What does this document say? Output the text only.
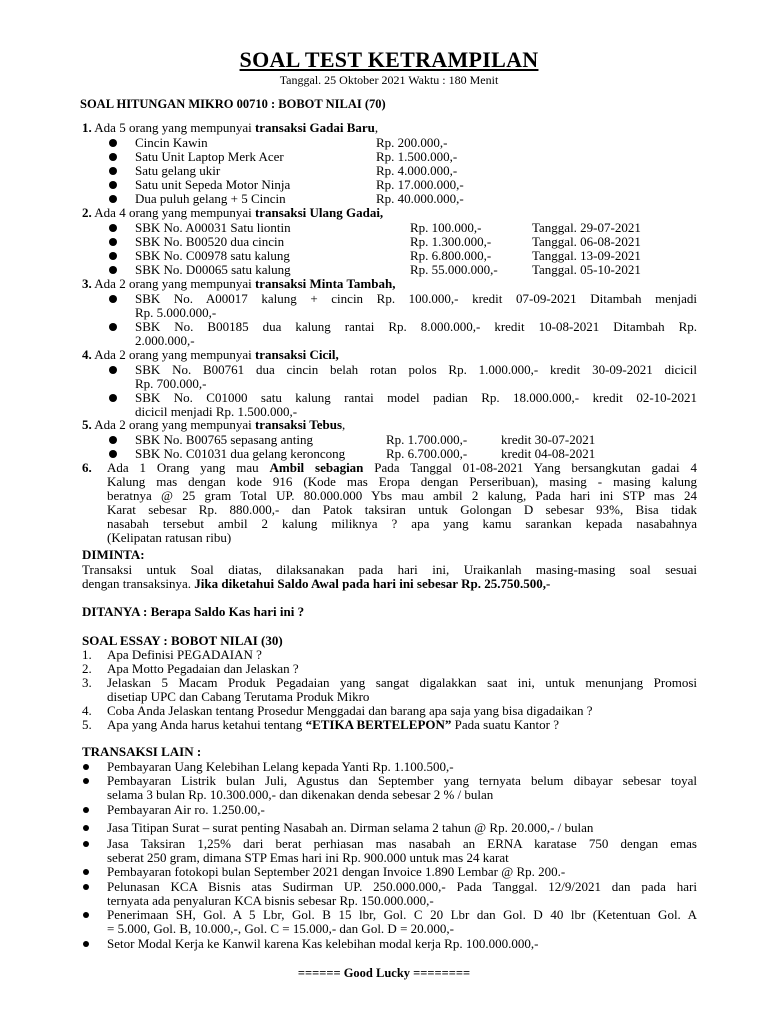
SOAL TEST KETRAMPILAN
Tanggal. 25 Oktober 2021 Waktu : 180 Menit
SOAL HITUNGAN MIKRO 00710 : BOBOT NILAI (70)
1. Ada 5 orang yang mempunyai transaksi Gadai Baru,
Cincin Kawin	Rp. 200.000,-
Satu Unit Laptop Merk Acer	Rp. 1.500.000,-
Satu gelang ukir	Rp. 4.000.000,-
Satu unit Sepeda Motor Ninja	Rp. 17.000.000,-
Dua puluh gelang + 5 Cincin	Rp. 40.000.000,-
2. Ada 4 orang yang mempunyai transaksi Ulang Gadai,
SBK No. A00031 Satu liontin	Rp. 100.000,-	Tanggal. 29-07-2021
SBK No. B00520 dua cincin	Rp. 1.300.000,-	Tanggal. 06-08-2021
SBK No. C00978 satu kalung	Rp. 6.800.000,-	Tanggal. 13-09-2021
SBK No. D00065 satu kalung	Rp. 55.000.000,-	Tanggal. 05-10-2021
3. Ada 2 orang yang mempunyai transaksi Minta Tambah,
SBK No. A00017 kalung + cincin Rp. 100.000,- kredit 07-09-2021 Ditambah menjadi
Rp. 5.000.000,-
SBK No. B00185 dua kalung rantai Rp. 8.000.000,- kredit 10-08-2021 Ditambah Rp.
2.000.000,-
4. Ada 2 orang yang mempunyai transaksi Cicil,
SBK No. B00761 dua cincin belah rotan polos Rp. 1.000.000,- kredit 30-09-2021 dicicil
Rp. 700.000,-
SBK No. C01000 satu kalung rantai model padian Rp. 18.000.000,- kredit 02-10-2021
dicicil menjadi Rp. 1.500.000,-
5. Ada 2 orang yang mempunyai transaksi Tebus,
SBK No. B00765 sepasang anting	Rp. 1.700.000,-	kredit 30-07-2021
SBK No. C01031 dua gelang keroncong	Rp. 6.700.000,-	kredit 04-08-2021
6. Ada 1 Orang yang mau Ambil sebagian Pada Tanggal 01-08-2021 Yang bersangkutan gadai 4
Kalung mas dengan kode 916 (Kode mas Eropa dengan Perseribuan), masing - masing kalung
beratnya @ 25 gram Total UP. 80.000.000 Ybs mau ambil 2 kalung, Pada hari ini STP mas 24
Karat sebesar Rp. 880.000,- dan Patok taksiran untuk Golongan D sebesar 93%, Bisa tidak
nasabah tersebut ambil 2 kalung miliknya ? apa yang kamu sarankan kepada nasabahnya
(Kelipatan ratusan ribu)
DIMINTA:
Transaksi untuk Soal diatas, dilaksanakan pada hari ini, Uraikanlah masing-masing soal sesuai
dengan transaksinya. Jika diketahui Saldo Awal pada hari ini sebesar Rp. 25.750.500,-
DITANYA : Berapa Saldo Kas hari ini ?
SOAL ESSAY : BOBOT NILAI (30)
1. Apa Definisi PEGADAIAN ?
2. Apa Motto Pegadaian dan Jelaskan ?
3. Jelaskan 5 Macam Produk Pegadaian yang sangat digalakkan saat ini, untuk menunjang Promosi
disetiap UPC dan Cabang Terutama Produk Mikro
4. Coba Anda Jelaskan tentang Prosedur Menggadai dan barang apa saja yang bisa digadaikan ?
5. Apa yang Anda harus ketahui tentang “ETIKA BERTELEPON” Pada suatu Kantor ?
TRANSAKSI LAIN :
Pembayaran Uang Kelebihan Lelang kepada Yanti Rp. 1.100.500,-
Pembayaran Listrik bulan Juli, Agustus dan September yang ternyata belum dibayar sebesar toyal
selama 3 bulan Rp. 10.300.000,- dan dikenakan denda sebesar 2 % / bulan
Pembayaran Air ro. 1.250.00,-
Jasa Titipan Surat – surat penting Nasabah an. Dirman selama 2 tahun @ Rp. 20.000,- / bulan
Jasa Taksiran 1,25% dari berat perhiasan mas nasabah an ERNA karatase 750 dengan emas
seberat 250 gram, dimana STP Emas hari ini Rp. 900.000 untuk mas 24 karat
Pembayaran fotokopi bulan September 2021 dengan Invoice 1.890 Lembar @ Rp. 200.-
Pelunasan KCA Bisnis atas Sudirman UP. 250.000.000,- Pada Tanggal. 12/9/2021 dan pada hari
ternyata ada penyaluran KCA bisnis sebesar Rp. 150.000.000,-
Penerimaan SH, Gol. A 5 Lbr, Gol. B 15 lbr, Gol. C 20 Lbr dan Gol. D 40 lbr (Ketentuan Gol. A
= 5.000, Gol. B, 10.000,-, Gol. C = 15.000,- dan Gol. D = 20.000,-
Setor Modal Kerja ke Kanwil karena Kas kelebihan modal kerja Rp. 100.000.000,-
====== Good Lucky ========
